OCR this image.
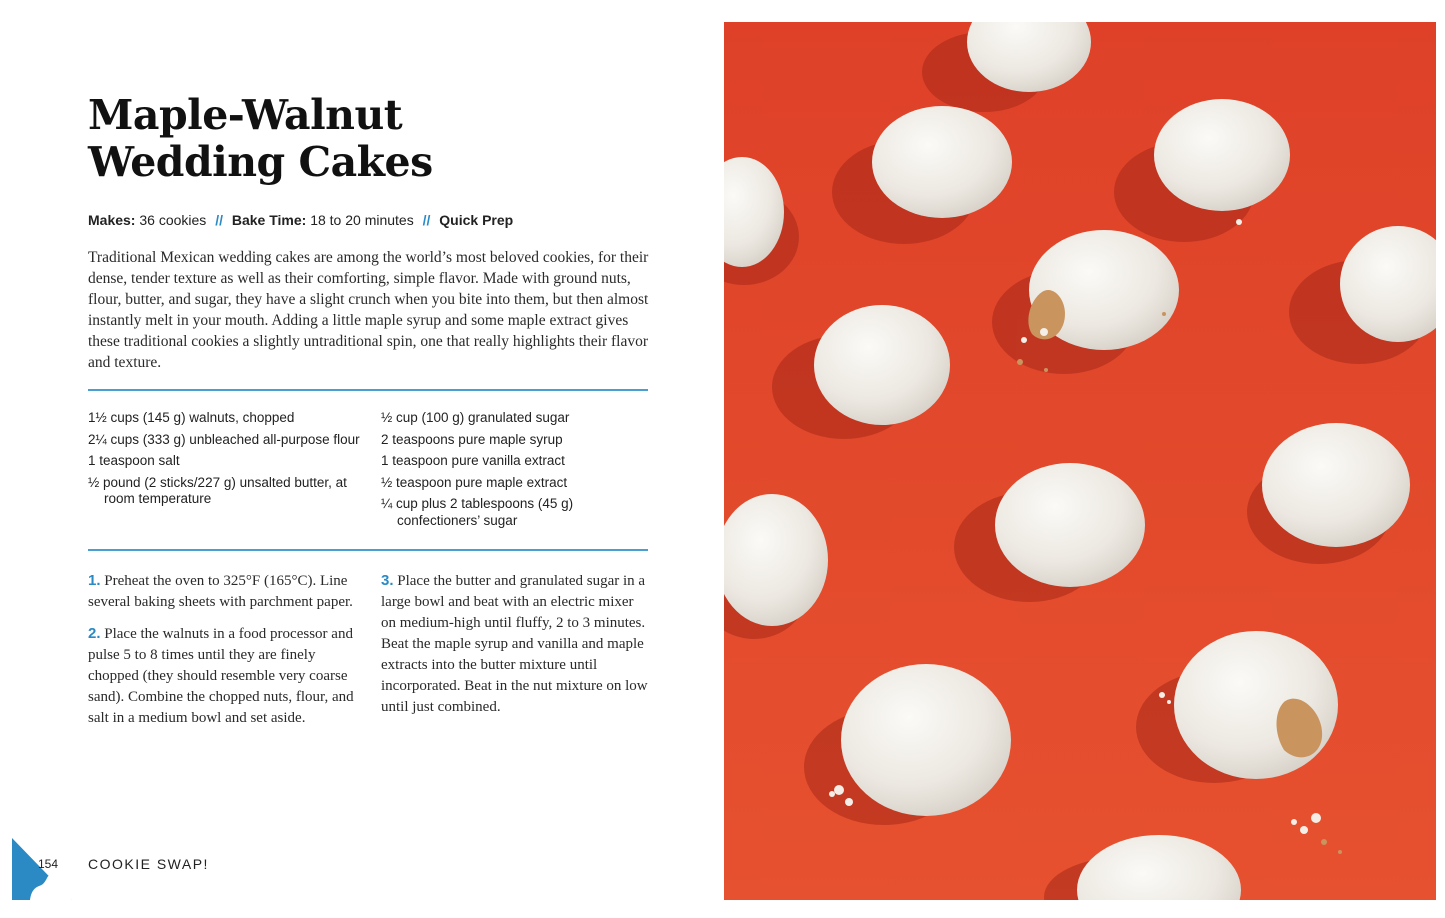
Maple-Walnut
Wedding Cakes
Makes: 36 cookies // Bake Time: 18 to 20 minutes // Quick Prep

Traditional Mexican wedding cakes are among the world’s most beloved cookies, for their dense, tender texture as well as their comforting, simple flavor. Made with ground nuts, flour, butter, and sugar, they have a slight crunch when you bite into them, but then almost instantly melt in your mouth. Adding a little maple syrup and some maple extract gives these traditional cookies a slightly untraditional spin, one that really highlights their flavor and texture.

1½ cups (145 g) walnuts, chopped
2¼ cups (333 g) unbleached all-purpose flour
1 teaspoon salt
½ pound (2 sticks/227 g) unsalted butter, at room temperature
½ cup (100 g) granulated sugar
2 teaspoons pure maple syrup
1 teaspoon pure vanilla extract
½ teaspoon pure maple extract
¼ cup plus 2 tablespoons (45 g) confectioners’ sugar
1. Preheat the oven to 325°F (165°C). Line several baking sheets with parchment paper.
2. Place the walnuts in a food processor and pulse 5 to 8 times until they are finely chopped (they should resemble very coarse sand). Combine the chopped nuts, flour, and salt in a medium bowl and set aside.
3. Place the butter and granulated sugar in a large bowl and beat with an electric mixer on medium-high until fluffy, 2 to 3 minutes. Beat the maple syrup and vanilla and maple extracts into the butter mixture until incorporated. Beat in the nut mixture on low until just combined.
154 COOKIE SWAP!
